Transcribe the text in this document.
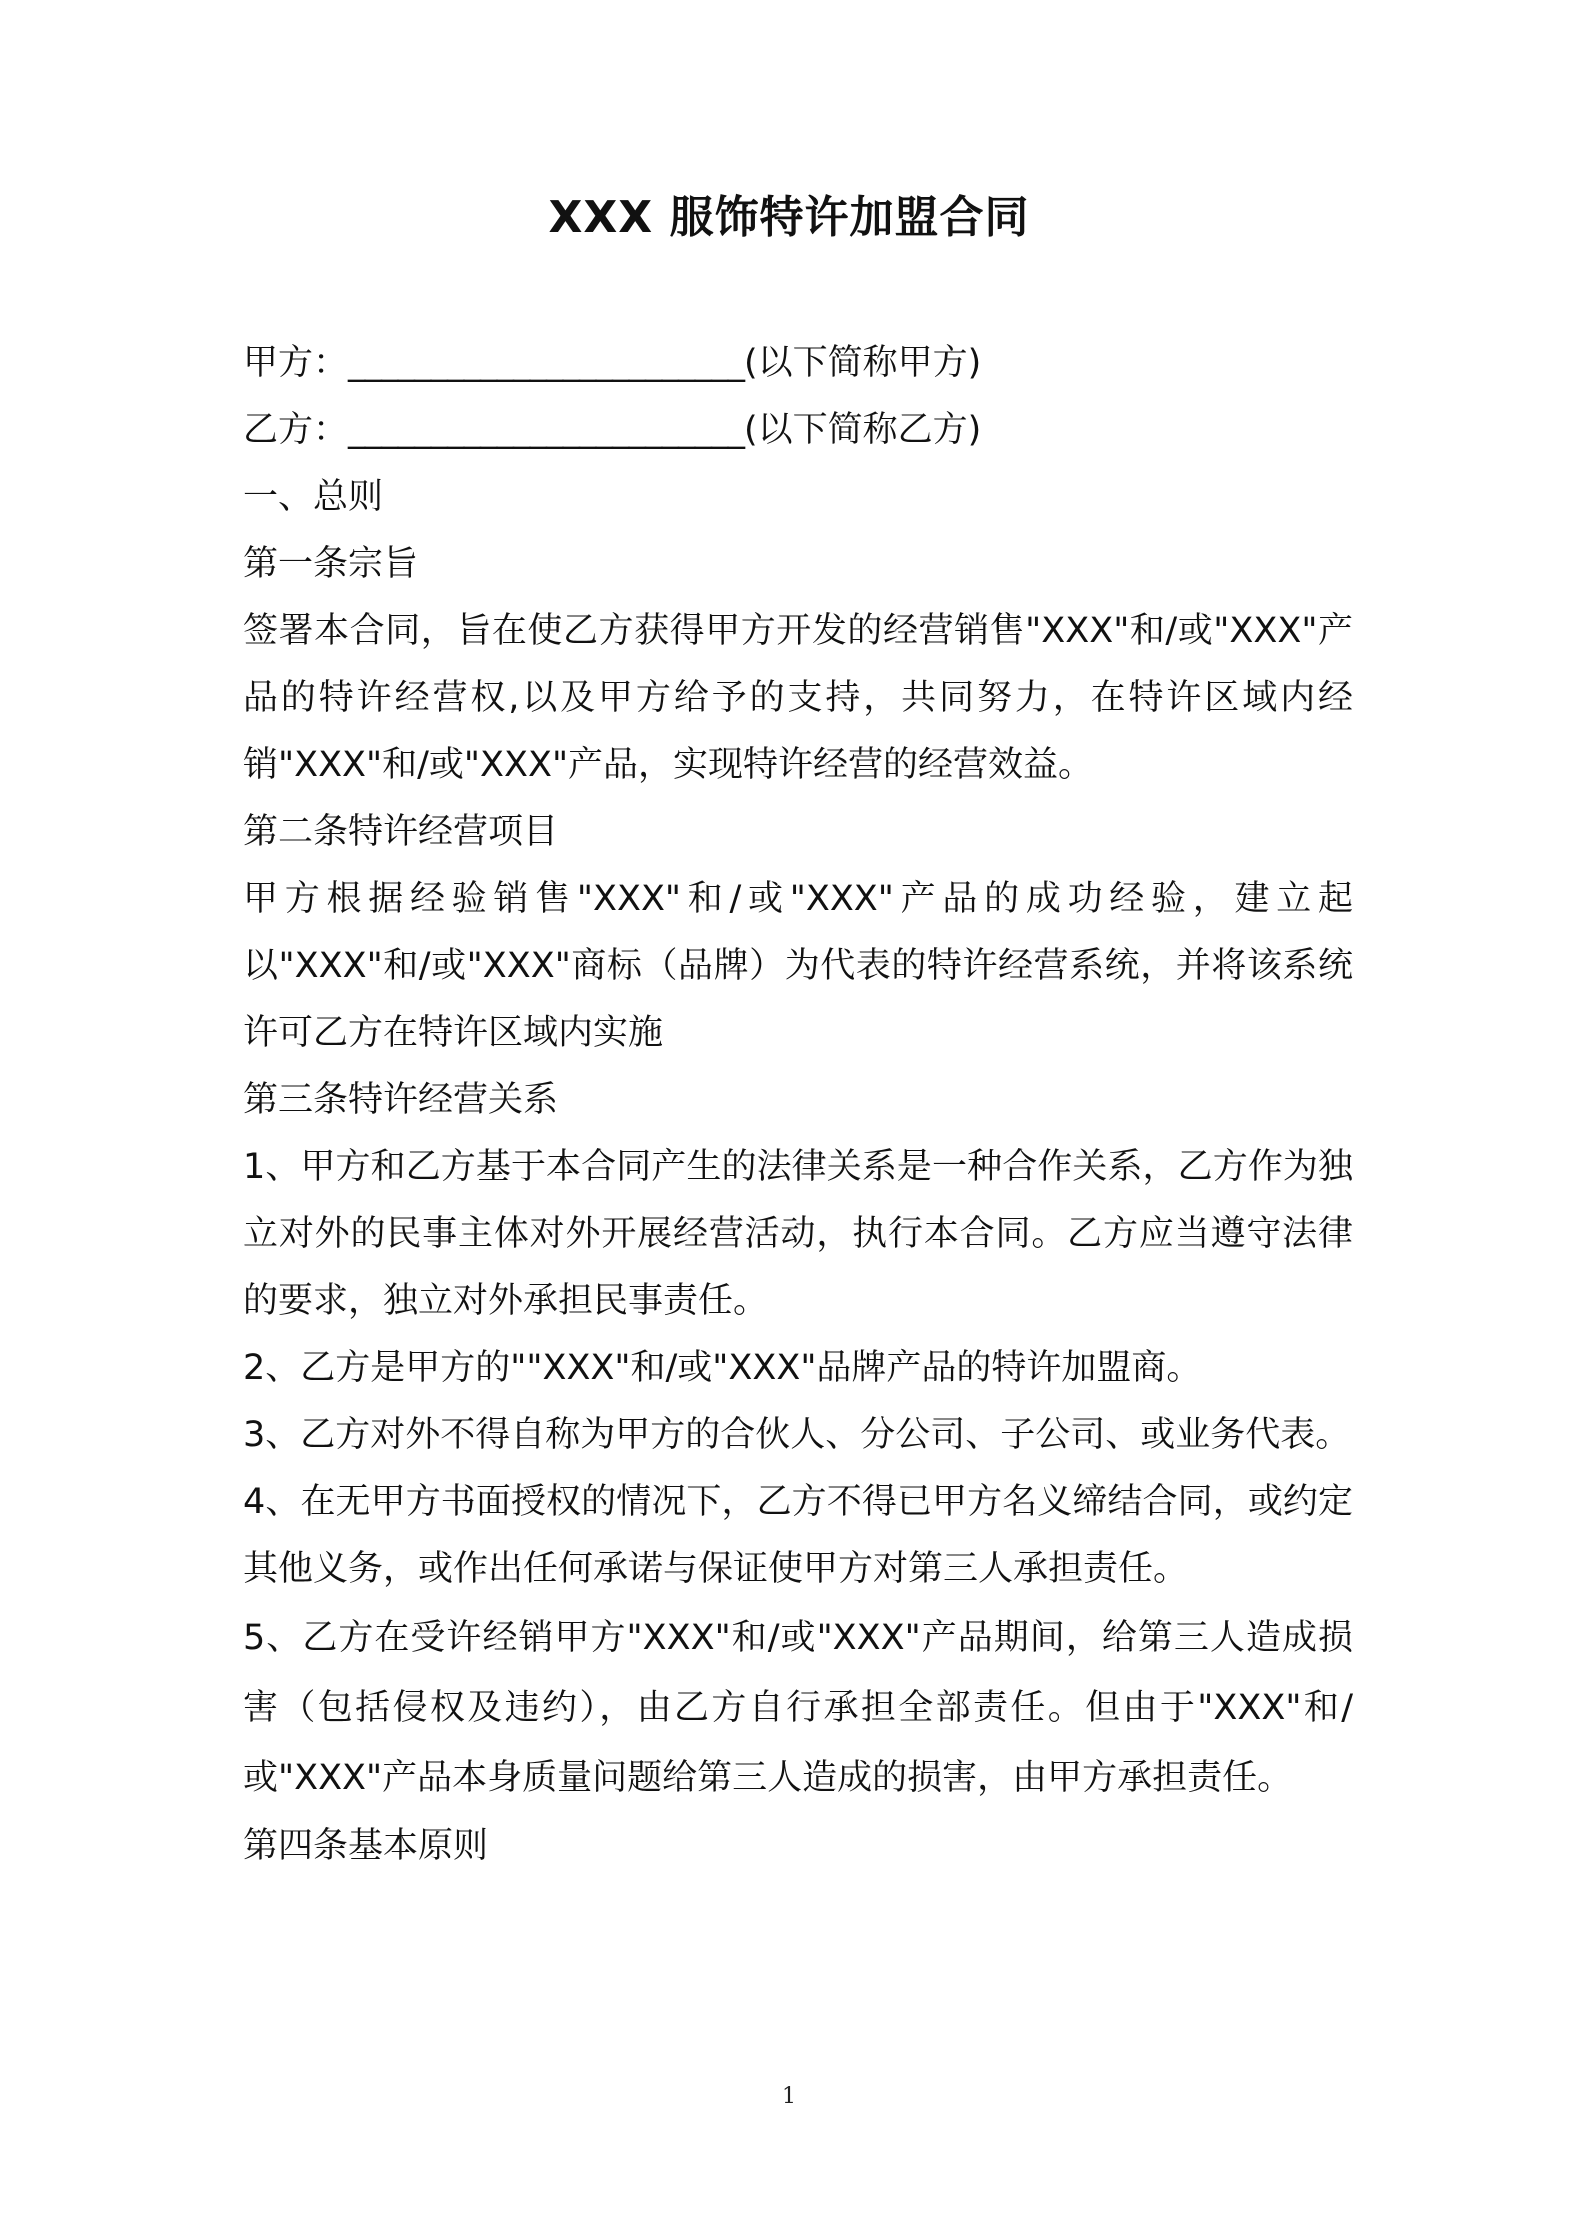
XXX 服饰特许加盟合同
甲方：________________________(以下简称甲方)
乙方：________________________(以下简称乙方)
一、总则
第一条宗旨
签署本合同，旨在使乙方获得甲方开发的经营销售"XXX"和/或"XXX"产品的特许经营权,以及甲方给予的支持，共同努力，在特许区域内经销"XXX"和/或"XXX"产品，实现特许经营的经营效益。
第二条特许经营项目
甲方根据经验销售"XXX"和/或"XXX"产品的成功经验，建立起以"XXX"和/或"XXX"商标（品牌）为代表的特许经营系统，并将该系统许可乙方在特许区域内实施
第三条特许经营关系
1、甲方和乙方基于本合同产生的法律关系是一种合作关系，乙方作为独立对外的民事主体对外开展经营活动，执行本合同。乙方应当遵守法律的要求，独立对外承担民事责任。
2、乙方是甲方的""XXX"和/或"XXX"品牌产品的特许加盟商。
3、乙方对外不得自称为甲方的合伙人、分公司、子公司、或业务代表。
4、在无甲方书面授权的情况下，乙方不得已甲方名义缔结合同，或约定其他义务，或作出任何承诺与保证使甲方对第三人承担责任。
5、乙方在受许经销甲方"XXX"和/或"XXX"产品期间，给第三人造成损害（包括侵权及违约），由乙方自行承担全部责任。但由于"XXX"和/或"XXX"产品本身质量问题给第三人造成的损害，由甲方承担责任。
第四条基本原则
1
